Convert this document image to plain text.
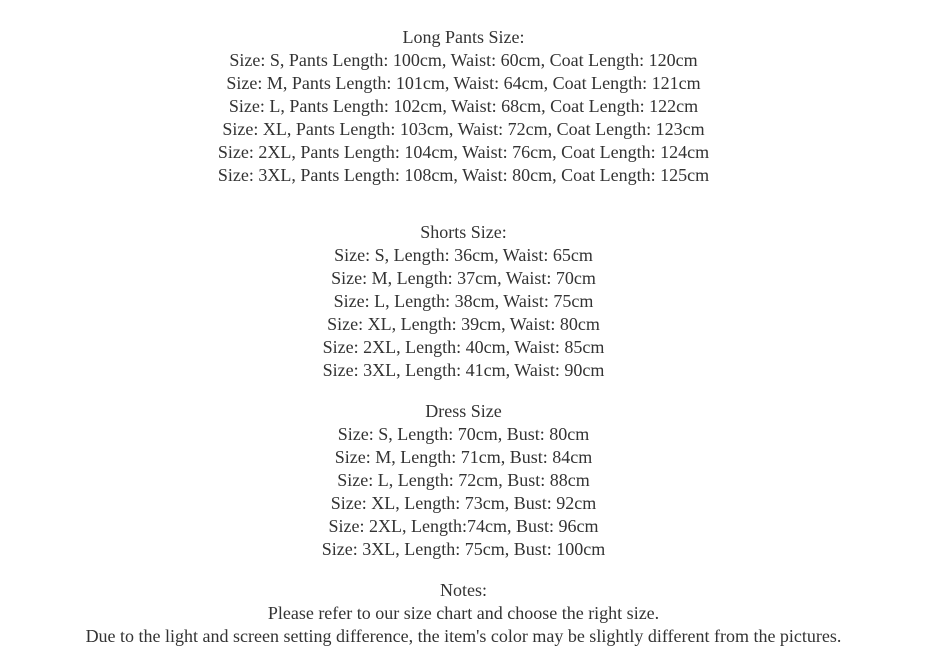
Long Pants Size:
Size: S, Pants Length: 100cm, Waist: 60cm, Coat Length: 120cm
Size: M, Pants Length: 101cm, Waist: 64cm, Coat Length: 121cm
Size: L, Pants Length: 102cm, Waist: 68cm, Coat Length: 122cm
Size: XL, Pants Length: 103cm, Waist: 72cm, Coat Length: 123cm
Size: 2XL, Pants Length: 104cm, Waist: 76cm, Coat Length: 124cm
Size: 3XL, Pants Length: 108cm, Waist: 80cm, Coat Length: 125cm
Shorts Size:
Size: S, Length: 36cm, Waist: 65cm
Size: M, Length: 37cm, Waist: 70cm
Size: L, Length: 38cm, Waist: 75cm
Size: XL, Length: 39cm, Waist: 80cm
Size: 2XL, Length: 40cm, Waist: 85cm
Size: 3XL, Length: 41cm, Waist: 90cm
Dress Size
Size: S, Length: 70cm, Bust: 80cm
Size: M, Length: 71cm, Bust: 84cm
Size: L, Length: 72cm, Bust: 88cm
Size: XL, Length: 73cm, Bust: 92cm
Size: 2XL, Length:74cm, Bust: 96cm
Size: 3XL, Length: 75cm, Bust: 100cm
Notes:
Please refer to our size chart and choose the right size.
Due to the light and screen setting difference, the item's color may be slightly different from the pictures.
